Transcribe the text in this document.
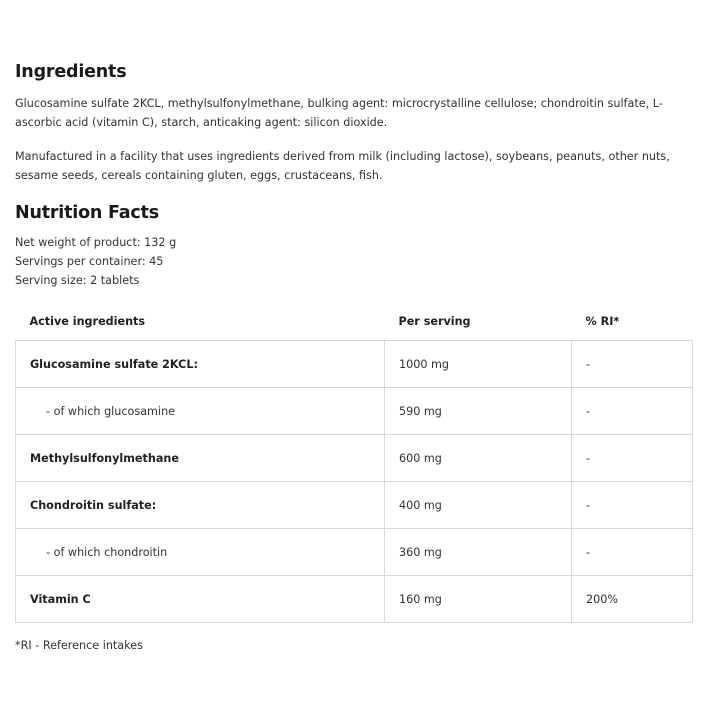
Ingredients

Glucosamine sulfate 2KCL, methylsulfonylmethane, bulking agent: microcrystalline cellulose; chondroitin sulfate, L-ascorbic acid (vitamin C), starch, anticaking agent: silicon dioxide.

Manufactured in a facility that uses ingredients derived from milk (including lactose), soybeans, peanuts, other nuts, sesame seeds, cereals containing gluten, eggs, crustaceans, fish.

Nutrition Facts
Net weight of product: 132 g
Servings per container: 45
Serving size: 2 tablets
Active ingredients	Per serving	% RI*
Glucosamine sulfate 2KCL:	1000 mg	-
- of which glucosamine	590 mg	-
Methylsulfonylmethane	600 mg	-
Chondroitin sulfate:	400 mg	-
- of which chondroitin	360 mg	-
Vitamin C	160 mg	200%
*RI - Reference intakes
